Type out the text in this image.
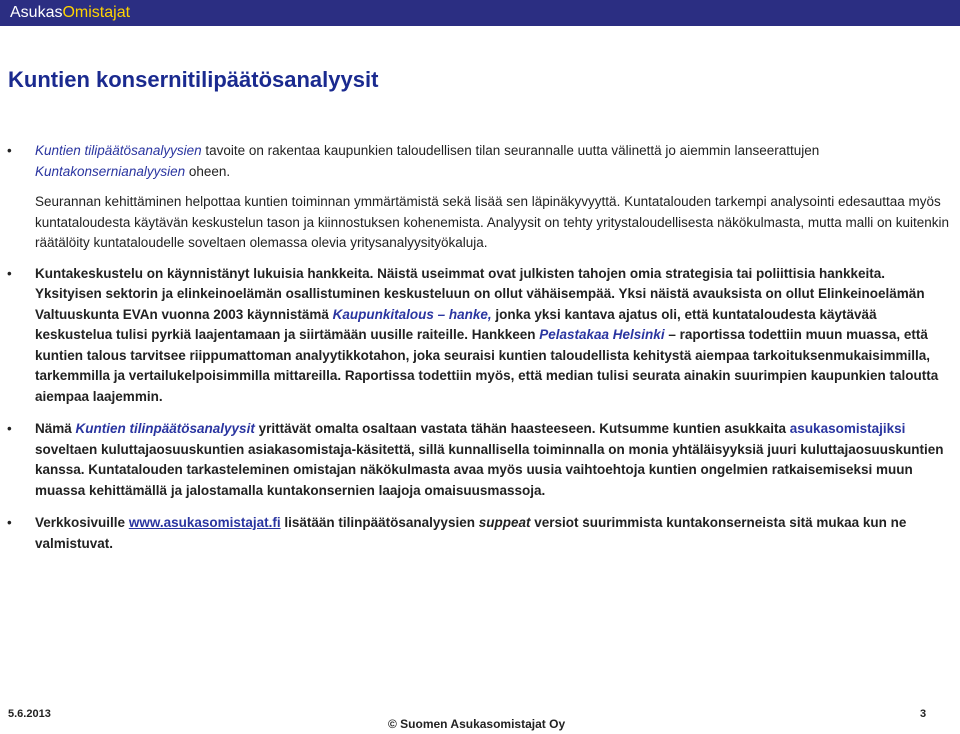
AsukasOmistajat
Kuntien konsernitilipäätösanalyysit
• Kuntien tilipäätösanalyysien tavoite on rakentaa kaupunkien taloudellisen tilan seurannalle uutta välinettä jo aiemmin lanseerattujen Kuntakonsernianalyysien oheen.

Seurannan kehittäminen helpottaa kuntien toiminnan ymmärtämistä sekä lisää sen läpinäkyvyyttä. Kuntatalouden tarkempi analysointi edesauttaa myös kuntataloudesta käytävän keskustelun tason ja kiinnostuksen kohenemista. Analyysit on tehty yritystaloudellisesta näkökulmasta, mutta malli on kuitenkin räätälöity kuntataloudelle soveltaen olemassa olevia yritysanalyysityökaluja.

• Kuntakeskustelu on käynnistänyt lukuisia hankkeita. Näistä useimmat ovat julkisten tahojen omia strategisia tai poliittisia hankkeita. Yksityisen sektorin ja elinkeinoelämän osallistuminen keskusteluun on ollut vähäisempää. Yksi näistä avauksista on ollut Elinkeinoelämän Valtuuskunta EVAn vuonna 2003 käynnistämä Kaupunkitalous – hanke, jonka yksi kantava ajatus oli, että kuntataloudesta käytävää keskustelua tulisi pyrkiä laajentamaan ja siirtämään uusille raiteille. Hankkeen Pelastakaa Helsinki – raportissa todettiin muun muassa, että kuntien talous tarvitsee riippumattoman analyytikkotahon, joka seuraisi kuntien taloudellista kehitystä aiempaa tarkoituksenmukaisimmilla, tarkemmilla ja vertailukelpoisimmilla mittareilla. Raportissa todettiin myös, että median tulisi seurata ainakin suurimpien kaupunkien taloutta aiempaa laajemmin.

• Nämä Kuntien tilinpäätösanalyysit yrittävät omalta osaltaan vastata tähän haasteeseen. Kutsumme kuntien asukkaita asukasomistajiksi soveltaen kuluttajaosuuskuntien asiakasomistaja-käsitettä, sillä kunnallisella toiminnalla on monia yhtäläisyyksiä juuri kuluttajaosuuskuntien kanssa. Kuntatalouden tarkasteleminen omistajan näkökulmasta avaa myös uusia vaihtoehtoja kuntien ongelmien ratkaisemiseksi muun muassa kehittämällä ja jalostamalla kuntakonsernien laajoja omaisuusmassoja.

• Verkkosivuille www.asukasomistajat.fi lisätään tilinpäätösanalyysien suppeat versiot suurimmista kuntakonserneista sitä mukaa kun ne valmistuvat.

5.6.2013
© Suomen Asukasomistajat Oy
3
